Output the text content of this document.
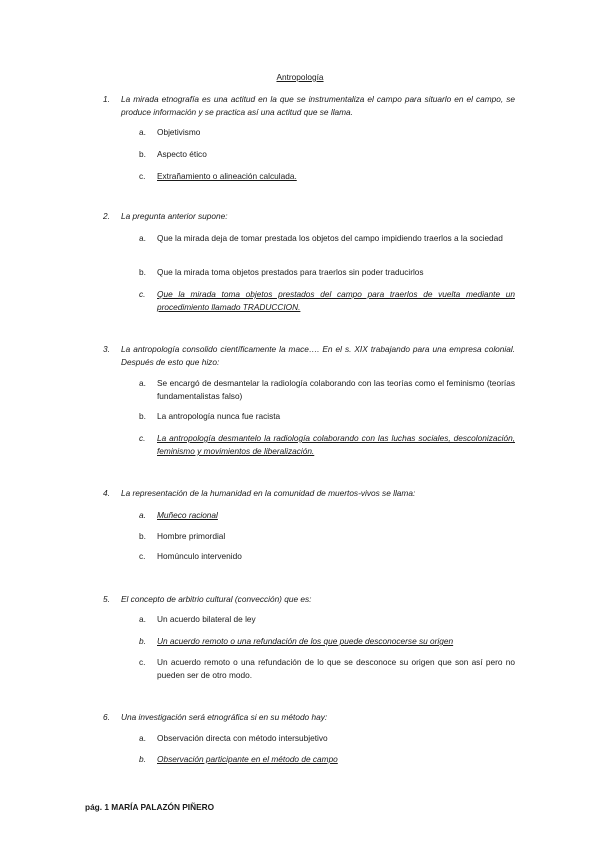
Antropología
1. La mirada etnografía es una actitud en la que se instrumentaliza el campo para situarlo en el campo, se produce información y se practica así una actitud que se llama.
a. Objetivismo
b. Aspecto ético
c. Extrañamiento o alineación calculada.
2. La pregunta anterior supone:
a. Que la mirada deja de tomar prestada los objetos del campo impidiendo traerlos a la sociedad
b. Que la mirada toma objetos prestados para traerlos sin poder traducirlos
c. Que la mirada toma objetos prestados del campo para traerlos de vuelta mediante un procedimiento llamado TRADUCCION.
3. La antropología consolido científicamente la mace…. En el s. XIX trabajando para una empresa colonial. Después de esto que hizo:
a. Se encargó de desmantelar la radiología colaborando con las teorías como el feminismo (teorías fundamentalistas falso)
b. La antropología nunca fue racista
c. La antropología desmantelo la radiología colaborando con las luchas sociales, descolonización, feminismo y movimientos de liberalización.
4. La representación de la humanidad en la comunidad de muertos-vivos se llama:
a. Muñeco racional
b. Hombre primordial
c. Homúnculo intervenido
5. El concepto de arbitrio cultural (convección) que es:
a. Un acuerdo bilateral de ley
b. Un acuerdo remoto o una refundación de los que puede desconocerse su origen
c. Un acuerdo remoto o una refundación de lo que se desconoce su origen que son así pero no pueden ser de otro modo.
6. Una investigación será etnográfica si en su método hay:
a. Observación directa con método intersubjetivo
b. Observación participante en el método de campo
pág. 1 MARÍA PALAZÓN PIÑERO
